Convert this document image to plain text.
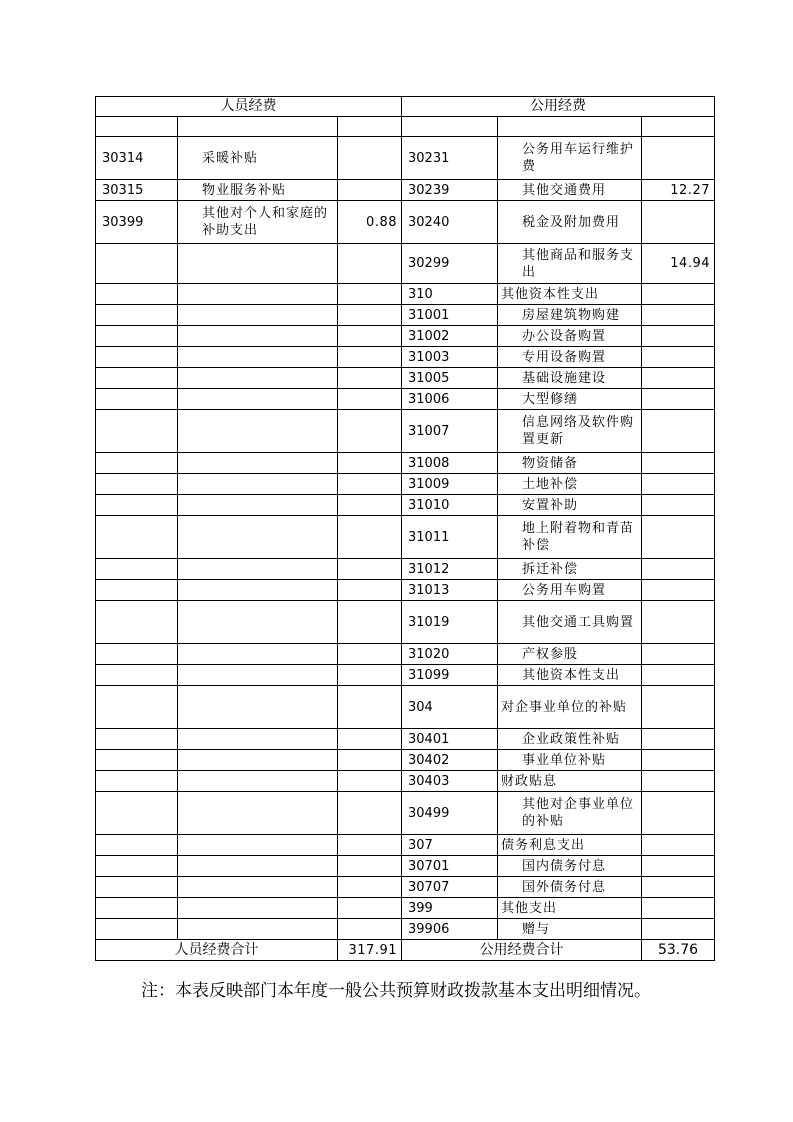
人员经费			公用经费		

30314	采暖补贴		30231	公务用车运行维护费	
30315	物业服务补贴		30239	其他交通费用	12.27
30399	其他对个人和家庭的补助支出	0.88	30240	税金及附加费用	
			30299	其他商品和服务支出	14.94
			310	其他资本性支出	
			31001	房屋建筑物购建	
			31002	办公设备购置	
			31003	专用设备购置	
			31005	基础设施建设	
			31006	大型修缮	
			31007	信息网络及软件购置更新	
			31008	物资储备	
			31009	土地补偿	
			31010	安置补助	
			31011	地上附着物和青苗补偿	
			31012	拆迁补偿	
			31013	公务用车购置	
			31019	其他交通工具购置	
			31020	产权参股	
			31099	其他资本性支出	
			304	对企事业单位的补贴	
			30401	企业政策性补贴	
			30402	事业单位补贴	
			30403	财政贴息	
			30499	其他对企事业单位的补贴	
			307	债务利息支出	
			30701	国内债务付息	
			30707	国外债务付息	
			399	其他支出	
			39906	赠与	
人员经费合计		317.91	公用经费合计		53.76
注：本表反映部门本年度一般公共预算财政拨款基本支出明细情况。
